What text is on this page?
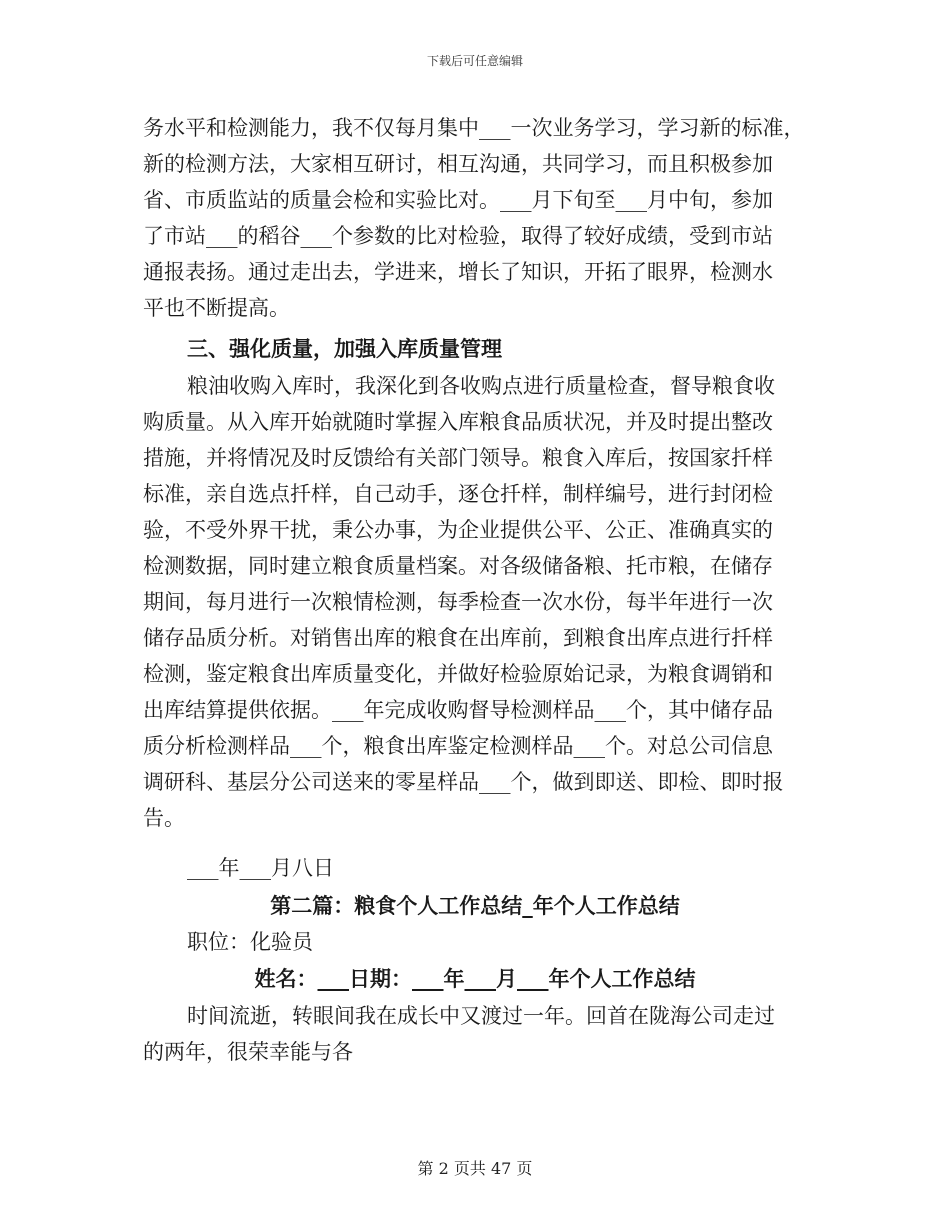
下载后可任意编辑
务水平和检测能力，我不仅每月集中___一次业务学习，学习新的标准，
新的检测方法，大家相互研讨，相互沟通，共同学习，而且积极参加
省、市质监站的质量会检和实验比对。___月下旬至___月中旬，参加
了市站___的稻谷___个参数的比对检验，取得了较好成绩，受到市站
通报表扬。通过走出去，学进来，增长了知识，开拓了眼界，检测水
平也不断提高。
三、强化质量，加强入库质量管理
粮油收购入库时，我深化到各收购点进行质量检查，督导粮食收
购质量。从入库开始就随时掌握入库粮食品质状况，并及时提出整改
措施，并将情况及时反馈给有关部门领导。粮食入库后，按国家扦样
标准，亲自选点扦样，自己动手，逐仓扦样，制样编号，进行封闭检
验，不受外界干扰，秉公办事，为企业提供公平、公正、准确真实的
检测数据，同时建立粮食质量档案。对各级储备粮、托市粮，在储存
期间，每月进行一次粮情检测，每季检查一次水份，每半年进行一次
储存品质分析。对销售出库的粮食在出库前，到粮食出库点进行扦样
检测，鉴定粮食出库质量变化，并做好检验原始记录，为粮食调销和
出库结算提供依据。___年完成收购督导检测样品___个，其中储存品
质分析检测样品___个，粮食出库鉴定检测样品___个。对总公司信息
调研科、基层分公司送来的零星样品___个，做到即送、即检、即时报
告。
___年___月八日
第二篇：粮食个人工作总结_年个人工作总结
职位：化验员
姓名：___日期：___年___月___年个人工作总结
时间流逝，转眼间我在成长中又渡过一年。回首在陇海公司走过
的两年，很荣幸能与各
第 2 页共 47 页
